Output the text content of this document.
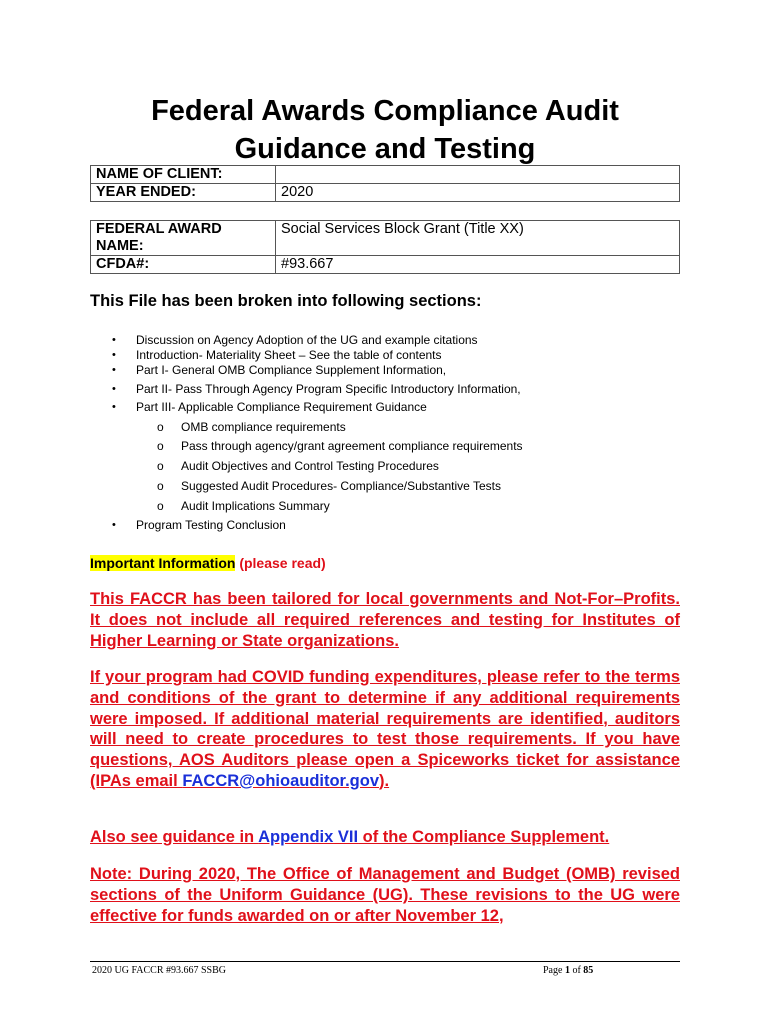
Federal Awards Compliance Audit
Guidance and Testing
NAME OF CLIENT:	
YEAR ENDED:	2020
FEDERAL AWARD
NAME:	Social Services Block Grant (Title XX)
CFDA#:	#93.667
This File has been broken into following sections:
• Discussion on Agency Adoption of the UG and example citations
• Introduction- Materiality Sheet – See the table of contents
• Part I- General OMB Compliance Supplement Information,
• Part II- Pass Through Agency Program Specific Introductory Information,
• Part III- Applicable Compliance Requirement Guidance
o OMB compliance requirements
o Pass through agency/grant agreement compliance requirements
o Audit Objectives and Control Testing Procedures
o Suggested Audit Procedures- Compliance/Substantive Tests
o Audit Implications Summary
• Program Testing Conclusion
Important Information (please read)
This FACCR has been tailored for local governments and Not-For–Profits. It does not include all required references and testing for Institutes of Higher Learning or State organizations.
If your program had COVID funding expenditures, please refer to the terms and conditions of the grant to determine if any additional requirements were imposed. If additional material requirements are identified, auditors will need to create procedures to test those requirements. If you have questions, AOS Auditors please open a Spiceworks ticket for assistance (IPAs email FACCR@ohioauditor.gov).
Also see guidance in Appendix VII of the Compliance Supplement.
Note: During 2020, The Office of Management and Budget (OMB) revised sections of the Uniform Guidance (UG). These revisions to the UG were effective for funds awarded on or after November 12,
2020 UG FACCR #93.667 SSBG	Page 1 of 85
